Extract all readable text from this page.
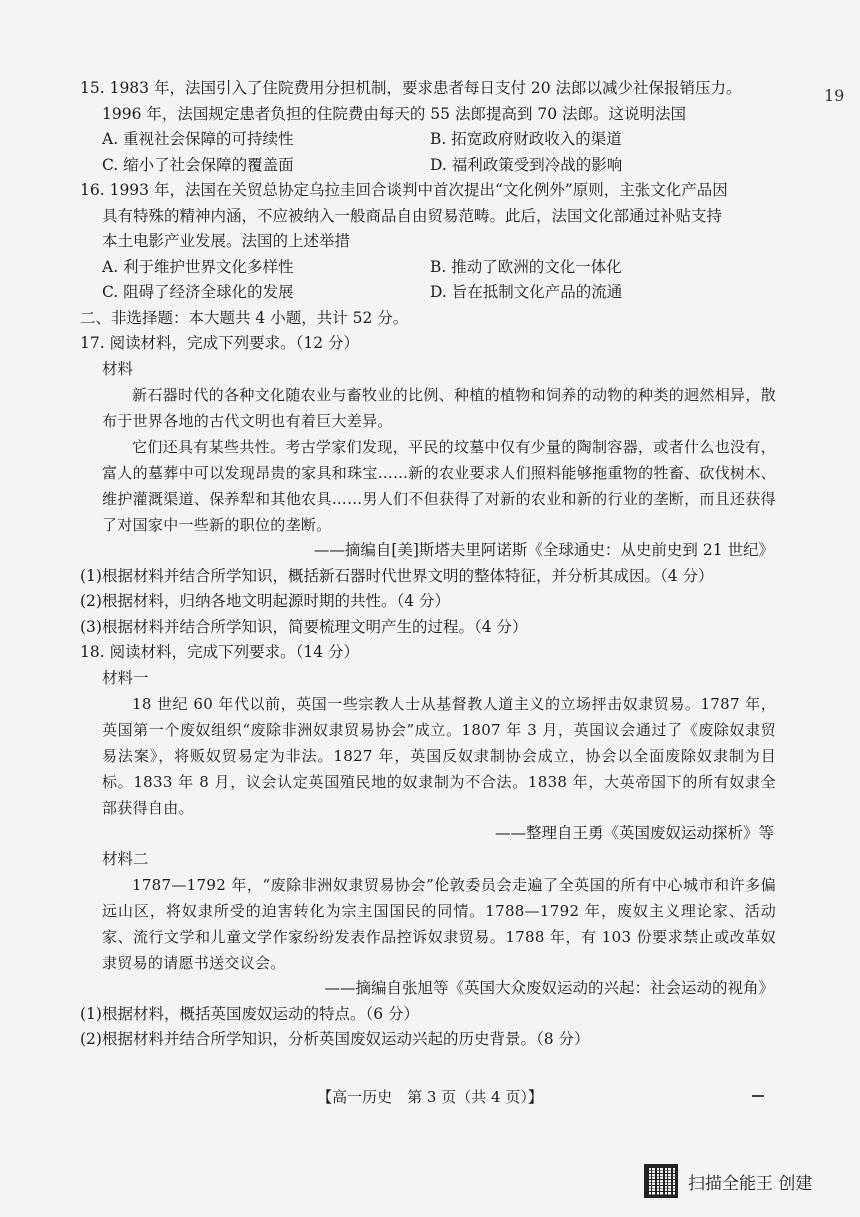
19
15. 1983 年，法国引入了住院费用分担机制，要求患者每日支付 20 法郎以减少社保报销压力。
1996 年，法国规定患者负担的住院费由每天的 55 法郎提高到 70 法郎。这说明法国
A. 重视社会保障的可持续性	B. 拓宽政府财政收入的渠道
C. 缩小了社会保障的覆盖面	D. 福利政策受到冷战的影响
16. 1993 年，法国在关贸总协定乌拉圭回合谈判中首次提出“文化例外”原则，主张文化产品因
具有特殊的精神内涵，不应被纳入一般商品自由贸易范畴。此后，法国文化部通过补贴支持
本土电影产业发展。法国的上述举措
A. 利于维护世界文化多样性	B. 推动了欧洲的文化一体化
C. 阻碍了经济全球化的发展	D. 旨在抵制文化产品的流通
二、非选择题：本大题共 4 小题，共计 52 分。
17. 阅读材料，完成下列要求。（12 分）
材料
新石器时代的各种文化随农业与畜牧业的比例、种植的植物和饲养的动物的种类的迥然相异，散布于世界各地的古代文明也有着巨大差异。
它们还具有某些共性。考古学家们发现，平民的坟墓中仅有少量的陶制容器，或者什么也没有，富人的墓葬中可以发现昂贵的家具和珠宝……新的农业要求人们照料能够拖重物的牲畜、砍伐树木、维护灌溉渠道、保养犁和其他农具……男人们不但获得了对新的农业和新的行业的垄断，而且还获得了对国家中一些新的职位的垄断。
——摘编自[美]斯塔夫里阿诺斯《全球通史：从史前史到 21 世纪》
(1)根据材料并结合所学知识，概括新石器时代世界文明的整体特征，并分析其成因。（4 分）
(2)根据材料，归纳各地文明起源时期的共性。（4 分）
(3)根据材料并结合所学知识，简要梳理文明产生的过程。（4 分）
18. 阅读材料，完成下列要求。（14 分）
材料一
18 世纪 60 年代以前，英国一些宗教人士从基督教人道主义的立场抨击奴隶贸易。1787 年，英国第一个废奴组织“废除非洲奴隶贸易协会”成立。1807 年 3 月，英国议会通过了《废除奴隶贸易法案》，将贩奴贸易定为非法。1827 年，英国反奴隶制协会成立，协会以全面废除奴隶制为目标。1833 年 8 月，议会认定英国殖民地的奴隶制为不合法。1838 年，大英帝国下的所有奴隶全部获得自由。
——整理自王勇《英国废奴运动探析》等
材料二
1787—1792 年，“废除非洲奴隶贸易协会”伦敦委员会走遍了全英国的所有中心城市和许多偏远山区，将奴隶所受的迫害转化为宗主国国民的同情。1788—1792 年，废奴主义理论家、活动家、流行文学和儿童文学作家纷纷发表作品控诉奴隶贸易。1788 年，有 103 份要求禁止或改革奴隶贸易的请愿书送交议会。
——摘编自张旭等《英国大众废奴运动的兴起：社会运动的视角》
(1)根据材料，概括英国废奴运动的特点。（6 分）
(2)根据材料并结合所学知识，分析英国废奴运动兴起的历史背景。（8 分）
【高一历史　第 3 页（共 4 页）】
扫描全能王 创建
